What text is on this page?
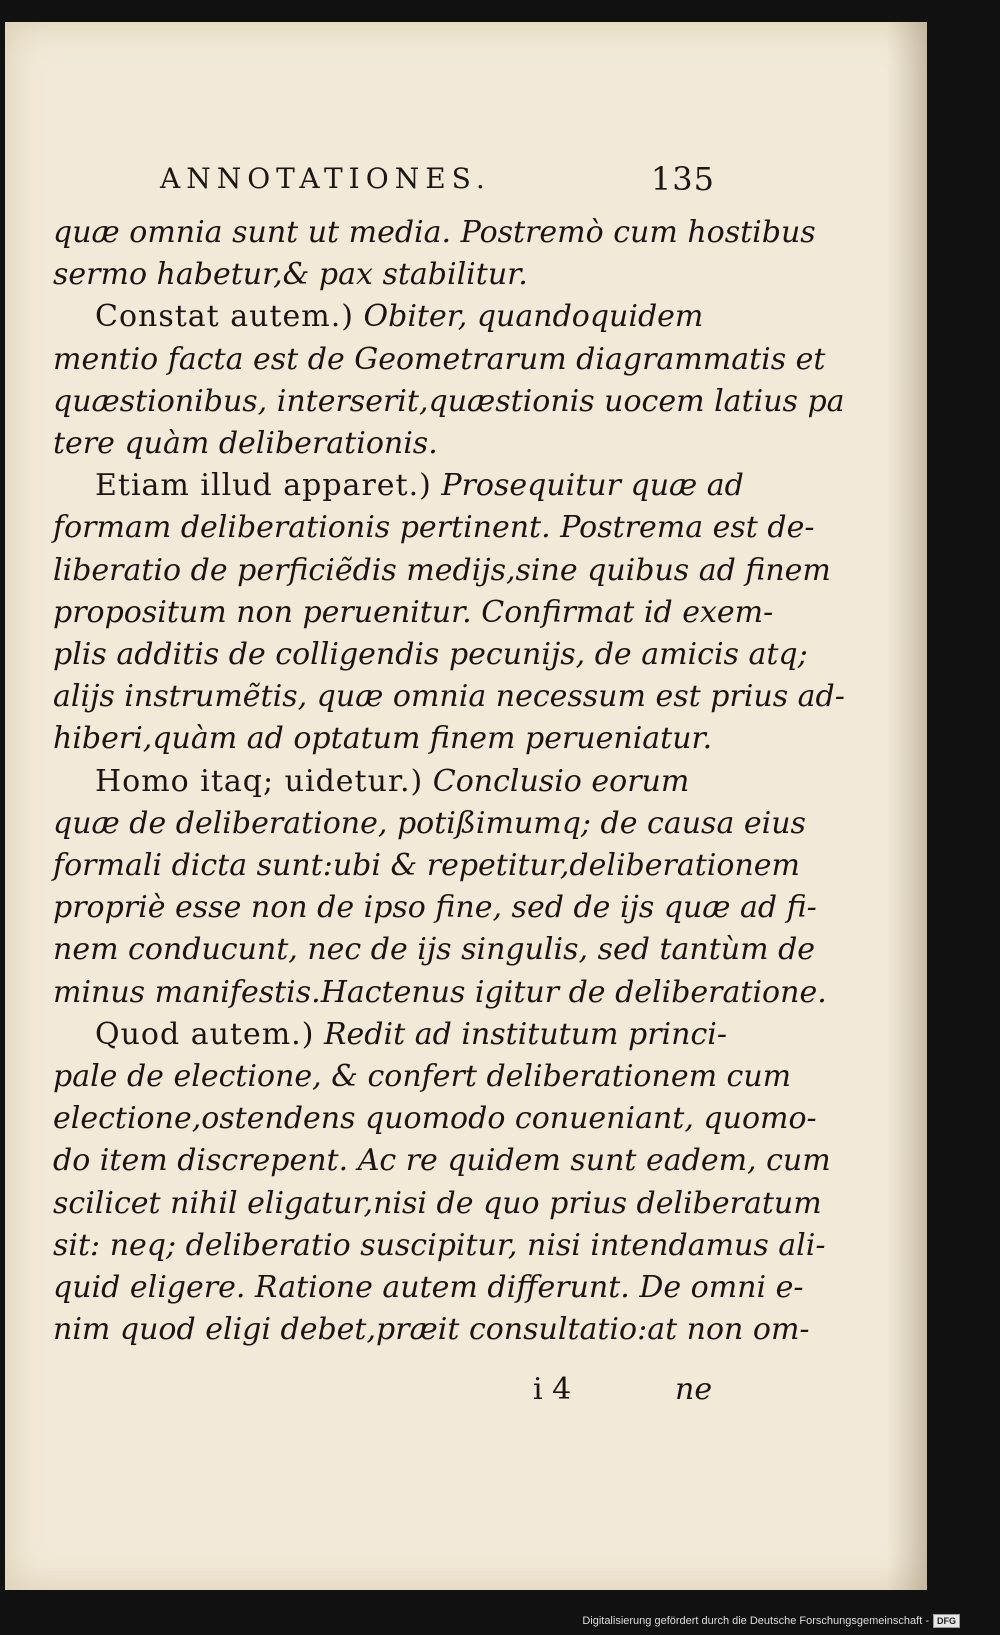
ANNOTATIONES.	135
quæ omnia sunt ut media. Postremò cum hostibus
sermo habetur,& pax stabilitur.
Constat autem.) Obiter, quandoquidem
mentio facta est de Geometrarum diagrammatis et
quæstionibus, interserit,quæstionis uocem latius pa
tere quàm deliberationis.
Etiam illud apparet.) Prosequitur quæ ad
formam deliberationis pertinent. Postrema est de-
liberatio de perficiẽdis medijs,sine quibus ad finem
propositum non peruenitur. Confirmat id exem-
plis additis de colligendis pecunijs, de amicis atq;
alijs instrumẽtis, quæ omnia necessum est prius ad-
hiberi,quàm ad optatum finem perueniatur.
Homo itaq; uidetur.) Conclusio eorum
quæ de deliberatione, potißimumq; de causa eius
formali dicta sunt:ubi & repetitur,deliberationem
propriè esse non de ipso fine, sed de ijs quæ ad fi-
nem conducunt, nec de ijs singulis, sed tantùm de
minus manifestis.Hactenus igitur de deliberatione.
Quod autem.) Redit ad institutum princi-
pale de electione, & confert deliberationem cum
electione,ostendens quomodo conueniant, quomo-
do item discrepent. Ac re quidem sunt eadem, cum
scilicet nihil eligatur,nisi de quo prius deliberatum
sit: neq; deliberatio suscipitur, nisi intendamus ali-
quid eligere. Ratione autem differunt. De omni e-
nim quod eligi debet,præit consultatio:at non om-
i 4	ne
Digitalisierung gefördert durch die Deutsche Forschungsgemeinschaft - DFG
